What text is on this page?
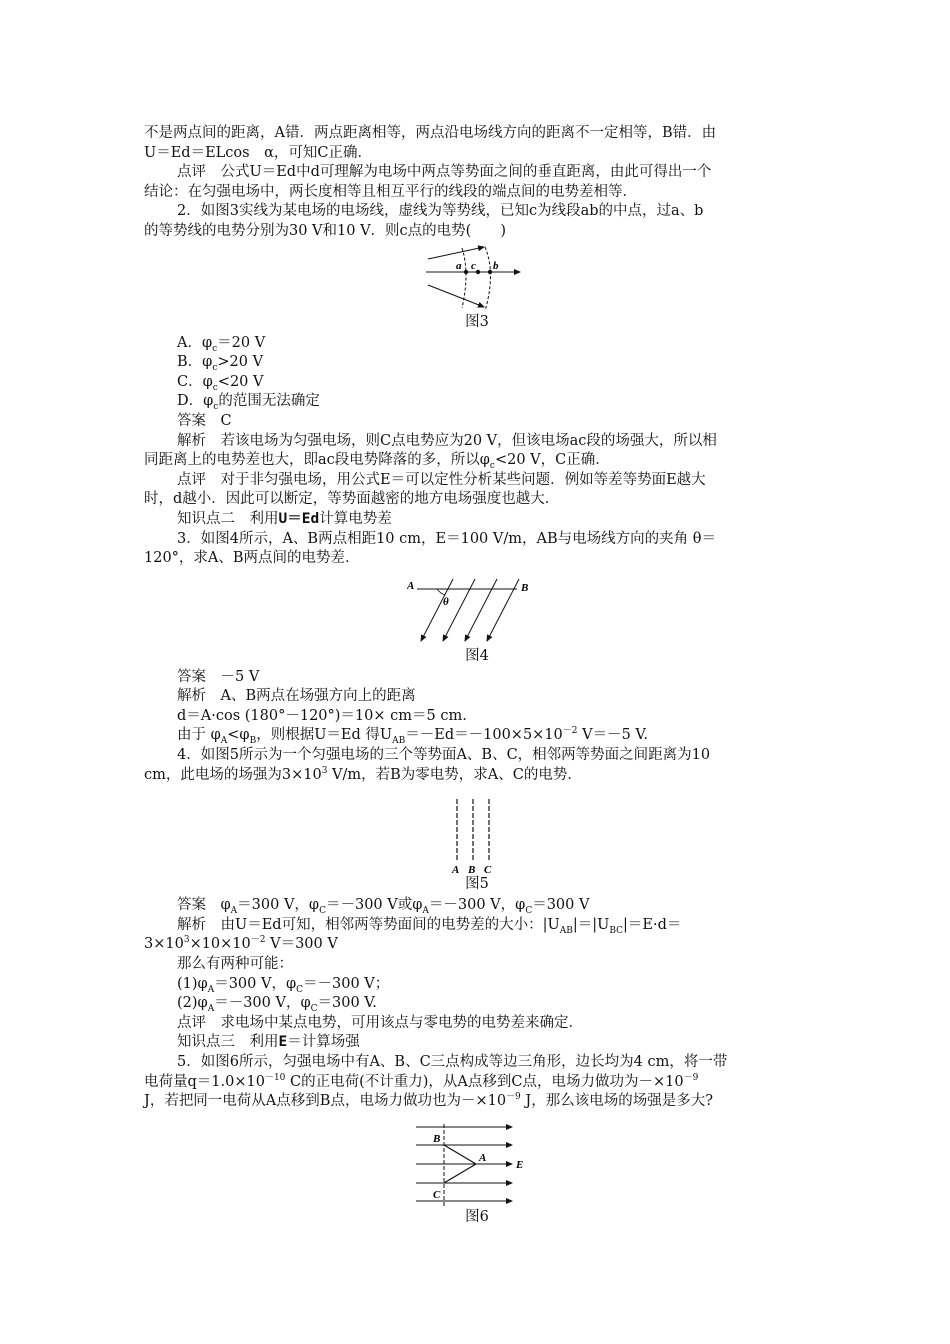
不是两点间的距离，A错．两点距离相等，两点沿电场线方向的距离不一定相等，B错．由

U＝Ed＝ELcos　α，可知C正确．

点评　公式U＝Ed中d可理解为电场中两点等势面之间的垂直距离，由此可得出一个

结论：在匀强电场中，两长度相等且相互平行的线段的端点间的电势差相等．

2．如图3实线为某电场的电场线，虚线为等势线，已知c为线段ab的中点，过a、b

的等势线的电势分别为30 V和10 V．则c点的电势(　　)

a c b

图3

A．$\varphi_c=20$ V

B．$\varphi_c>20$ V

C．$\varphi_c<20$ V

D．$\varphi_c$的范围无法确定

答案　C

解析　若该电场为匀强电场，则C点电势应为20 V，但该电场ac段的场强大，所以相

同距离上的电势差也大，即ac段电势降落的多，所以$\varphi_c<20$ V，C正确．

点评　对于非匀强电场，用公式E＝可以定性分析某些问题．例如等差等势面E越大

时，d越小．因此可以断定，等势面越密的地方电场强度也越大．

知识点二　利用U＝Ed计算电势差

3．如图4所示，A、B两点相距10 cm，E＝100 V/m，AB与电场线方向的夹角 θ＝

120°，求A、B两点间的电势差．

A	B
θ

图4

答案　－5 V

解析　A、B两点在场强方向上的距离

d＝A·cos (180°－120°)＝10× cm＝5 cm.

由于 $\varphi_A<\varphi_B$，则根据U＝Ed 得$U_{AB}=-Ed=-100\times 5\times 10^{-2}$ V＝－5 V.

4．如图5所示为一个匀强电场的三个等势面A、B、C，相邻两等势面之间距离为10

cm，此电场的场强为$3\times 10^3$ V/m，若B为零电势，求A、C的电势．

A B C

图5

答案　$\varphi_A=300$ V，$\varphi_C=-300$ V或$\varphi_A=-300$ V，$\varphi_C=300$ V

解析　由U＝Ed可知，相邻两等势面间的电势差的大小：$|U_{AB}|=|U_{BC}|=E\cdot d=$

$3\times 10^3\times 10\times 10^{-2}$ V＝300 V

那么有两种可能：

$(1)\varphi_A=300$ V，$\varphi_C=-300$ V；

$(2)\varphi_A=-300$ V，$\varphi_C=300$ V.

点评　求电场中某点电势，可用该点与零电势的电势差来确定．

知识点三　利用E＝计算场强

5．如图6所示，匀强电场中有A、B、C三点构成等边三角形，边长均为4 cm，将一带

电荷量$q=1.0\times 10^{-10}$ C的正电荷(不计重力)，从A点移到C点，电场力做功为$-\times 10^{-9}$

J，若把同一电荷从A点移到B点，电场力做功也为$-\times 10^{-9}$ J，那么该电场的场强是多大?

B
A
E
C

图6
